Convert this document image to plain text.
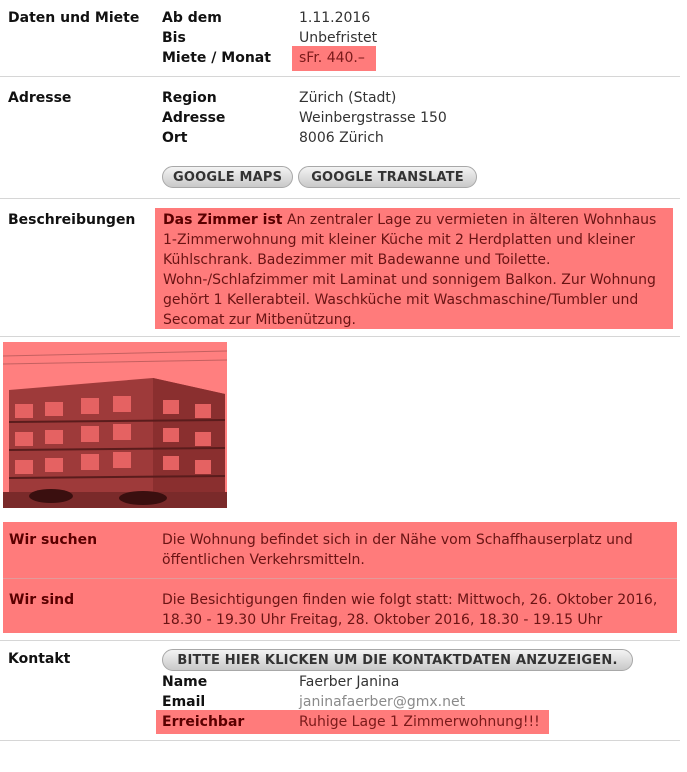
Daten und Miete Ab dem	1.11.2016
Bis	Unbefristet
Miete / Monat sFr. 440.–
Adresse	Region	Zürich (Stadt)
Adresse	Weinbergstrasse 150
Ort	8006 Zürich
GOOGLE MAPS	GOOGLE TRANSLATE
Beschreibungen	Das Zimmer ist An zentraler Lage zu vermieten in älteren Wohnhaus 1-Zimmerwohnung mit kleiner Küche mit 2 Herdplatten und kleiner Kühlschrank. Badezimmer mit Badewanne und Toilette. Wohn-/Schlafzimmer mit Laminat und sonnigem Balkon. Zur Wohnung gehört 1 Kellerabteil. Waschküche mit Waschmaschine/Tumbler und Secomat zur Mitbenützung.
Wir suchen	Die Wohnung befindet sich in der Nähe vom Schaffhauserplatz und öffentlichen Verkehrsmitteln.
Wir sind	Die Besichtigungen finden wie folgt statt: Mittwoch, 26. Oktober 2016, 18.30 - 19.30 Uhr Freitag, 28. Oktober 2016, 18.30 - 19.15 Uhr
Kontakt	BITTE HIER KLICKEN UM DIE KONTAKTDATEN ANZUZEIGEN.
Name	Faerber Janina
Email	janinafaerber@gmx.net
Erreichbar	Ruhige Lage 1 Zimmerwohnung!!!
